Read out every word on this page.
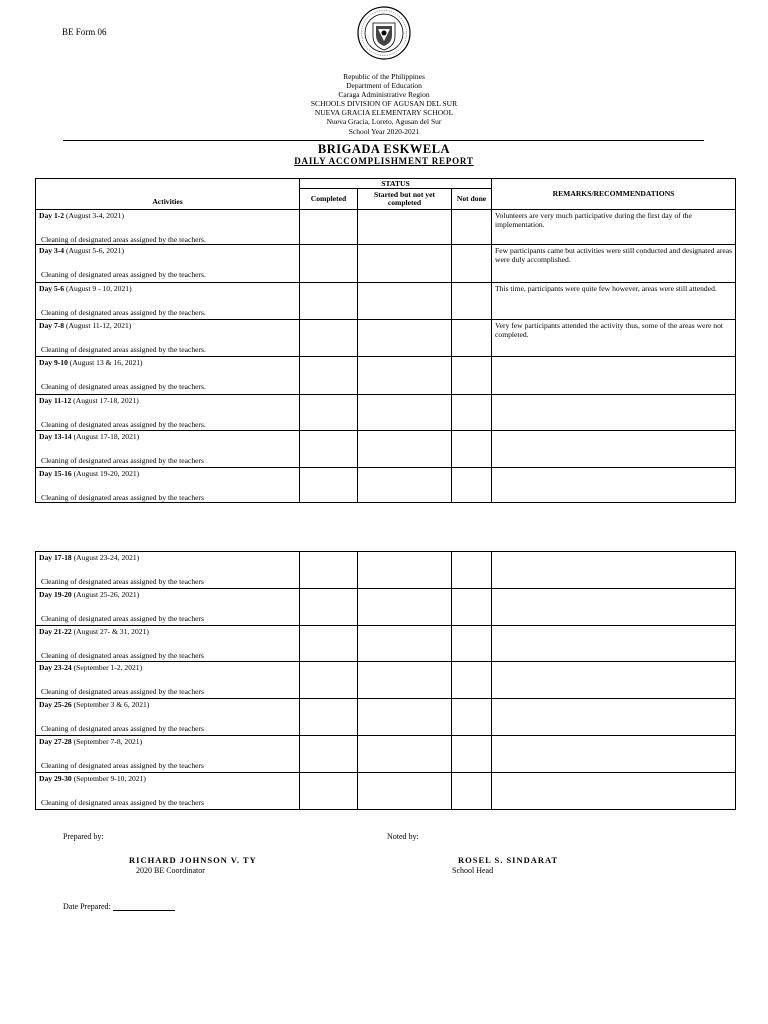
BE Form 06
Republic of the Philippines
Department of Education
Caraga Administrative Region
SCHOOLS DIVISION OF AGUSAN DEL SUR
NUEVA GRACIA ELEMENTARY SCHOOL
Nueva Gracia, Loreto, Agusan del Sur
School Year 2020-2021
BRIGADA ESKWELA
DAILY ACCOMPLISHMENT REPORT
Activities	STATUS			REMARKS/RECOMMENDATIONS
	Completed	Started but not yet completed	Not done	

Day 1-2 (August 3-4, 2021)
Cleaning of designated areas assigned by the teachers.				Volunteers are very much participative during the first day of the implementation.

Day 3-4 (August 5-6, 2021)
Cleaning of designated areas assigned by the teachers.				Few participants came but activities were still conducted and designated areas were duly accomplished.

Day 5-6 (August 9 - 10, 2021)
Cleaning of designated areas assigned by the teachers.				This time, participants were quite few however, areas were still attended.

Day 7-8 (August 11-12, 2021)
Cleaning of designated areas assigned by the teachers.				Very few participants attended the activity thus, some of the areas were not completed.

Day 9-10 (August 13 & 16, 2021)
Cleaning of designated areas assigned by the teachers.				

Day 11-12 (August 17-18, 2021)
Cleaning of designated areas assigned by the teachers.				

Day 13-14 (August 17-18, 2021)
Cleaning of designated areas assigned by the teachers				

Day 15-16 (August 19-20, 2021)
Cleaning of designated areas assigned by the teachers				

Day 17-18 (August 23-24, 2021)
Cleaning of designated areas assigned by the teachers				

Day 19-20 (August 25-26, 2021)
Cleaning of designated areas assigned by the teachers				

Day 21-22 (August 27- & 31, 2021)
Cleaning of designated areas assigned by the teachers				

Day 23-24 (September 1-2, 2021)
Cleaning of designated areas assigned by the teachers				

Day 25-26 (September 3 & 6, 2021)
Cleaning of designated areas assigned by the teachers				

Day 27-28 (September 7-8, 2021)
Cleaning of designated areas assigned by the teachers				

Day 29-30 (September 9-10, 2021)
Cleaning of designated areas assigned by the teachers				

Prepared by:
RICHARD JOHNSON V. TY
2020 BE Coordinator
Noted by:
ROSEL S. SINDARAT
School Head
Date Prepared:
